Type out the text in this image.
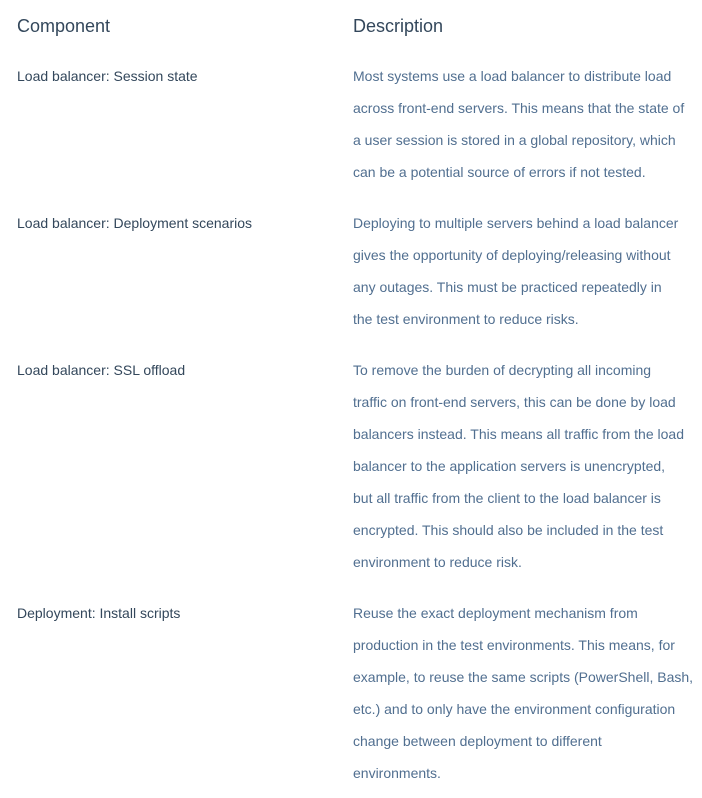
Component	Description
Load balancer: Session state	Most systems use a load balancer to distribute load
across front-end servers. This means that the state of
a user session is stored in a global repository, which
can be a potential source of errors if not tested.
Load balancer: Deployment scenarios	Deploying to multiple servers behind a load balancer
gives the opportunity of deploying/releasing without
any outages. This must be practiced repeatedly in
the test environment to reduce risks.
Load balancer: SSL offload	To remove the burden of decrypting all incoming
traffic on front-end servers, this can be done by load
balancers instead. This means all traffic from the load
balancer to the application servers is unencrypted,
but all traffic from the client to the load balancer is
encrypted. This should also be included in the test
environment to reduce risk.
Deployment: Install scripts	Reuse the exact deployment mechanism from
production in the test environments. This means, for
example, to reuse the same scripts (PowerShell, Bash,
etc.) and to only have the environment configuration
change between deployment to different
environments.
